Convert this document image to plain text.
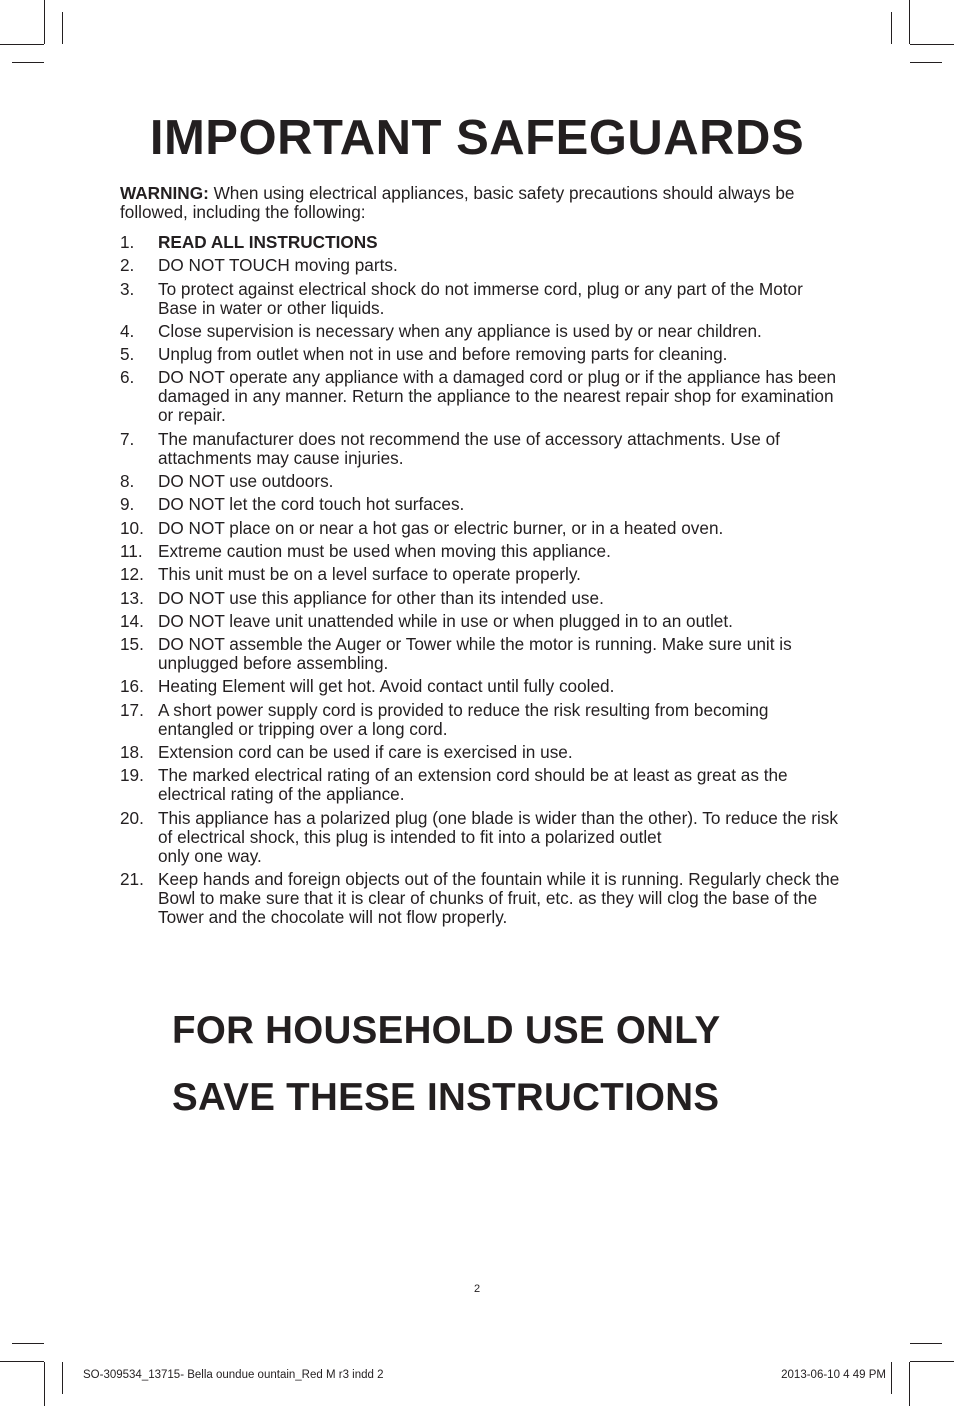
IMPORTANT SAFEGUARDS

WARNING: When using electrical appliances, basic safety precautions should always be followed, including the following:

1. READ ALL INSTRUCTIONS
2. DO NOT TOUCH moving parts.
3. To protect against electrical shock do not immerse cord, plug or any part of the Motor Base in water or other liquids.
4. Close supervision is necessary when any appliance is used by or near children.
5. Unplug from outlet when not in use and before removing parts for cleaning.
6. DO NOT operate any appliance with a damaged cord or plug or if the appliance has been damaged in any manner. Return the appliance to the nearest repair shop for examination or repair.
7. The manufacturer does not recommend the use of accessory attachments. Use of attachments may cause injuries.
8. DO NOT use outdoors.
9. DO NOT let the cord touch hot surfaces.
10. DO NOT place on or near a hot gas or electric burner, or in a heated oven.
11. Extreme caution must be used when moving this appliance.
12. This unit must be on a level surface to operate properly.
13. DO NOT use this appliance for other than its intended use.
14. DO NOT leave unit unattended while in use or when plugged in to an outlet.
15. DO NOT assemble the Auger or Tower while the motor is running. Make sure unit is unplugged before assembling.
16. Heating Element will get hot. Avoid contact until fully cooled.
17. A short power supply cord is provided to reduce the risk resulting from becoming entangled or tripping over a long cord.
18. Extension cord can be used if care is exercised in use.
19. The marked electrical rating of an extension cord should be at least as great as the electrical rating of the appliance.
20. This appliance has a polarized plug (one blade is wider than the other). To reduce the risk of electrical shock, this plug is intended to fit into a polarized outlet
only one way.
21. Keep hands and foreign objects out of the fountain while it is running. Regularly check the Bowl to make sure that it is clear of chunks of fruit, etc. as they will clog the base of the Tower and the chocolate will not flow properly.
FOR HOUSEHOLD USE ONLY
SAVE THESE INSTRUCTIONS
2
SO-309534_13715- Bella oundue ountain_Red M r3 indd 2	2013-06-10 4 49 PM
